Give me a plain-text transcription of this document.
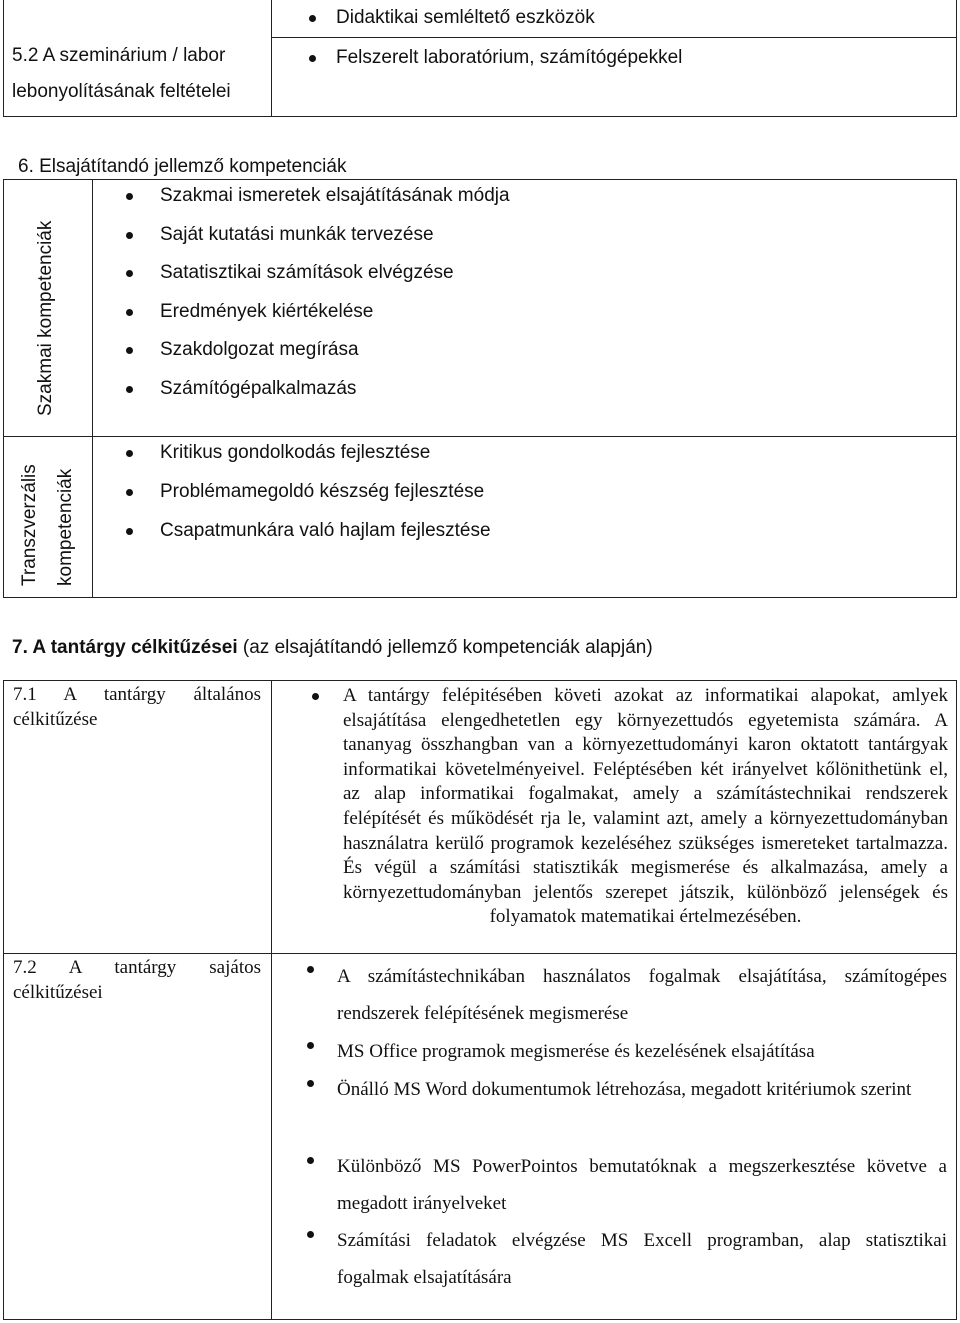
5.2 A szeminárium / labor
lebonyolításának feltételei
Didaktikai semléltető eszközök
Felszerelt laboratórium, számítógépekkel
6. Elsajátítandó jellemző kompetenciák
Szakmai kompetenciák
Transzverzális kompetenciák
Szakmai ismeretek elsajátításának módja
Saját kutatási munkák tervezése
Satatisztikai számítások elvégzése
Eredmények kiértékelése
Szakdolgozat megírása
Számítógépalkalmazás
Kritikus gondolkodás fejlesztése
Problémamegoldó készség fejlesztése
Csapatmunkára való hajlam fejlesztése
7. A tantárgy célkitűzései (az elsajátítandó jellemző kompetenciák alapján)
7.1 A tantárgy általános
célkitűzése
A tantárgy felépitésében követi azokat az informatikai alapokat, amlyek elsajátítása elengedhetetlen egy környezettudós egyetemista számára. A tananyag összhangban van a környezettudományi karon oktatott tantárgyak informatikai követelményeivel. Feléptésében két irányelvet kőlönithetünk el, az alap informatikai fogalmakat, amely a számítástechnikai rendszerek felépítését és működését rja le, valamint azt, amely a környezettudományban használatra kerülő programok kezeléséhez szükséges ismereteket tartalmazza. És végül a számítási statisztikák megismerése és alkalmazása, amely a környezettudományban jelentős szerepet játszik, különböző jelenségek és folyamatok matematikai értelmezésében.
7.2 A tantárgy sajátos
célkitűzései
A számítástechnikában használatos fogalmak elsajátítása, számítogépes rendszerek felépítésének megismerése
MS Office programok megismerése és kezelésének elsajátítása
Önálló MS Word dokumentumok létrehozása, megadott kritériumok szerint
Különböző MS PowerPointos bemutatóknak a megszerkesztése követve a megadott irányelveket
Számítási feladatok elvégzése MS Excell programban, alap statisztikai fogalmak elsajatítására
